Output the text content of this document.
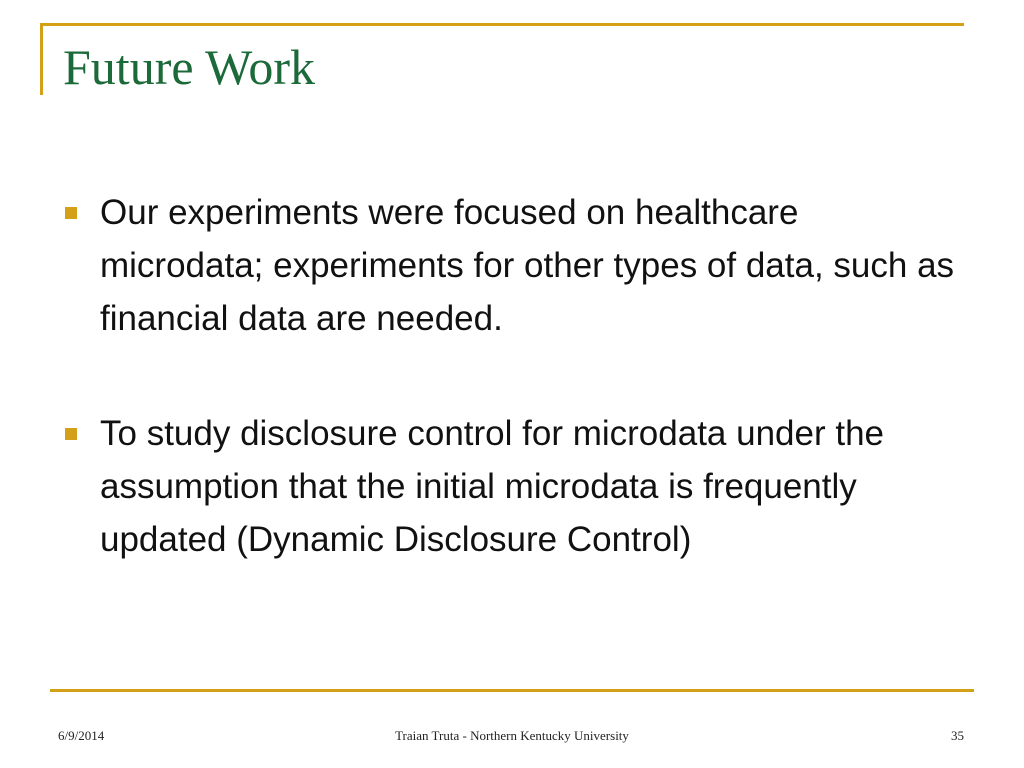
Future Work
Our experiments were focused on healthcare microdata; experiments for other types of data, such as financial data are needed.
To study disclosure control for microdata under the assumption that the initial microdata is frequently updated (Dynamic Disclosure Control)
6/9/2014	Traian Truta - Northern Kentucky University	35
